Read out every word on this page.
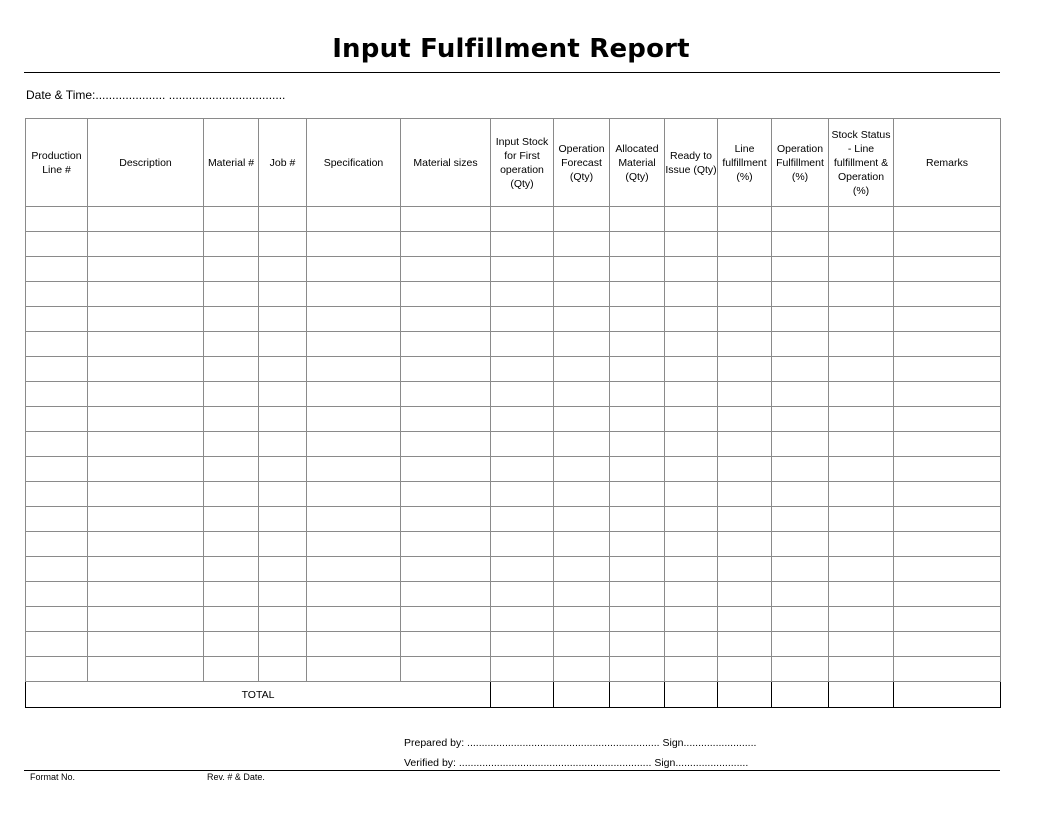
Input Fulfillment Report
Date & Time:..................... ...................................
Production Line #	Description	Material #	Job #	Specification	Material sizes	Input Stock for First operation (Qty)	Operation Forecast (Qty)	Allocated Material (Qty)	Ready to Issue (Qty)	Line fulfillment (%)	Operation Fulfillment (%)	Stock Status - Line fulfillment & Operation (%)	Remarks

TOTAL													
Prepared by: .................................................................. Sign.........................
Verified by: .................................................................. Sign.........................
Format No.	Rev. # & Date.
